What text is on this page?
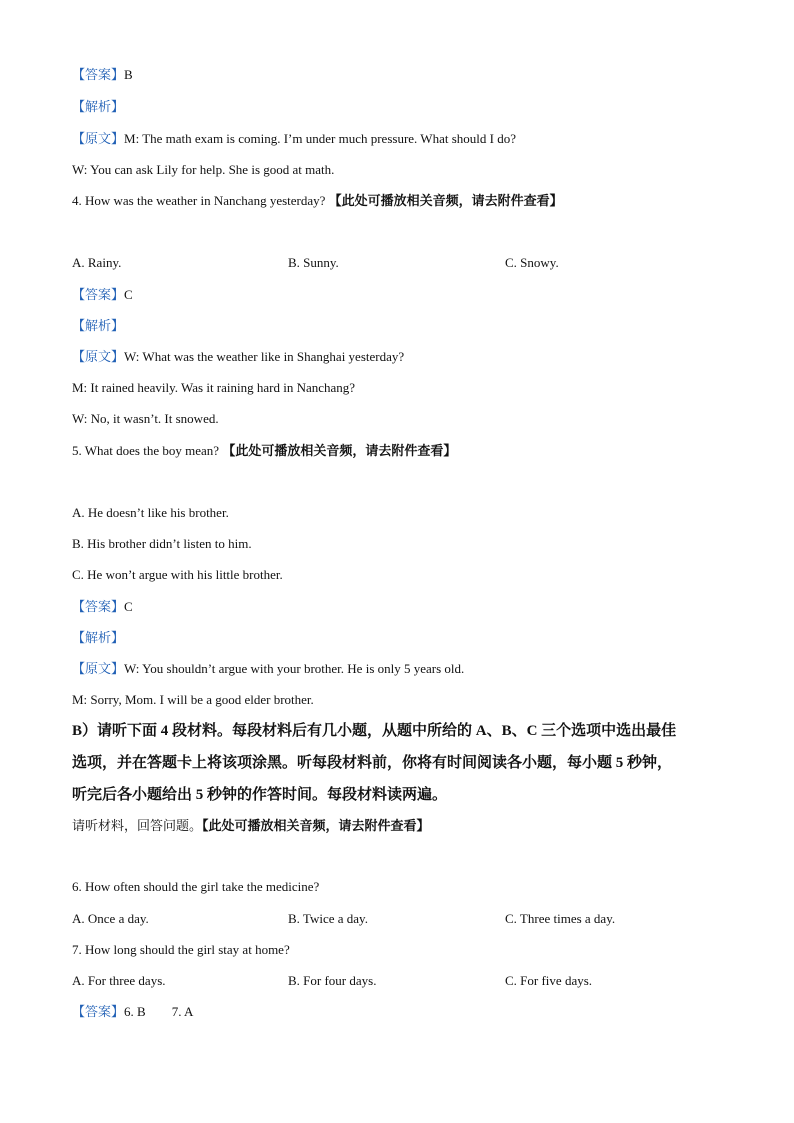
【答案】B
【解析】
【原文】M: The math exam is coming. I’m under much pressure. What should I do?
W: You can ask Lily for help. She is good at math.
4. How was the weather in Nanchang yesterday? 【此处可播放相关音频，请去附件查看】
A. Rainy.	B. Sunny.	C. Snowy.
【答案】C
【解析】
【原文】W: What was the weather like in Shanghai yesterday?
M: It rained heavily. Was it raining hard in Nanchang?
W: No, it wasn’t. It snowed.
5. What does the boy mean? 【此处可播放相关音频，请去附件查看】
A. He doesn’t like his brother.
B. His brother didn’t listen to him.
C. He won’t argue with his little brother.
【答案】C
【解析】
【原文】W: You shouldn’t argue with your brother. He is only 5 years old.
M: Sorry, Mom. I will be a good elder brother.
B）请听下面 4 段材料。每段材料后有几小题，从题中所给的 A、B、C 三个选项中选出最佳
选项，并在答题卡上将该项涂黑。听每段材料前，你将有时间阅读各小题，每小题 5 秒钟，
听完后各小题给出 5 秒钟的作答时间。每段材料读两遍。
请听材料，回答问题。【此处可播放相关音频，请去附件查看】
6. How often should the girl take the medicine?
A. Once a day.	B. Twice a day.	C. Three times a day.
7. How long should the girl stay at home?
A. For three days.	B. For four days.	C. For five days.
【答案】6. B 7. A
